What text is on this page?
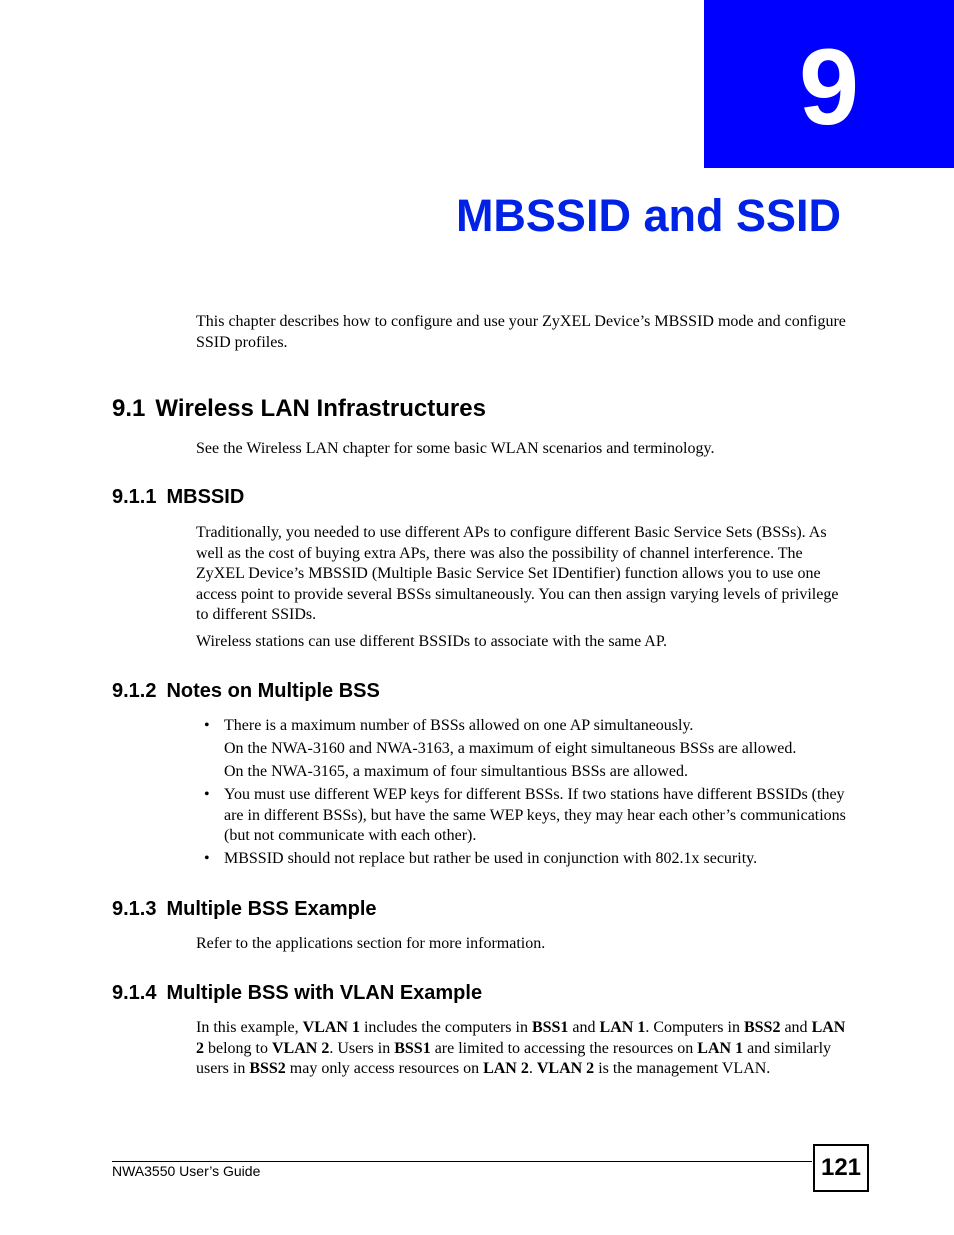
9
MBSSID and SSID

This chapter describes how to configure and use your ZyXEL Device’s MBSSID mode and configure SSID profiles.

9.1 Wireless LAN Infrastructures

See the Wireless LAN chapter for some basic WLAN scenarios and terminology.

9.1.1 MBSSID

Traditionally, you needed to use different APs to configure different Basic Service Sets (BSSs). As well as the cost of buying extra APs, there was also the possibility of channel interference. The ZyXEL Device’s MBSSID (Multiple Basic Service Set IDentifier) function allows you to use one access point to provide several BSSs simultaneously. You can then assign varying levels of privilege to different SSIDs.

Wireless stations can use different BSSIDs to associate with the same AP.

9.1.2 Notes on Multiple BSS
• There is a maximum number of BSSs allowed on one AP simultaneously.
On the NWA-3160 and NWA-3163, a maximum of eight simultaneous BSSs are allowed.
On the NWA-3165, a maximum of four simultantious BSSs are allowed.
• You must use different WEP keys for different BSSs. If two stations have different BSSIDs (they are in different BSSs), but have the same WEP keys, they may hear each other’s communications (but not communicate with each other).
• MBSSID should not replace but rather be used in conjunction with 802.1x security.
9.1.3 Multiple BSS Example

Refer to the applications section for more information.

9.1.4 Multiple BSS with VLAN Example

In this example, VLAN 1 includes the computers in BSS1 and LAN 1. Computers in BSS2 and LAN 2 belong to VLAN 2. Users in BSS1 are limited to accessing the resources on LAN 1 and similarly users in BSS2 may only access resources on LAN 2. VLAN 2 is the management VLAN.

NWA3550 User’s Guide	121
